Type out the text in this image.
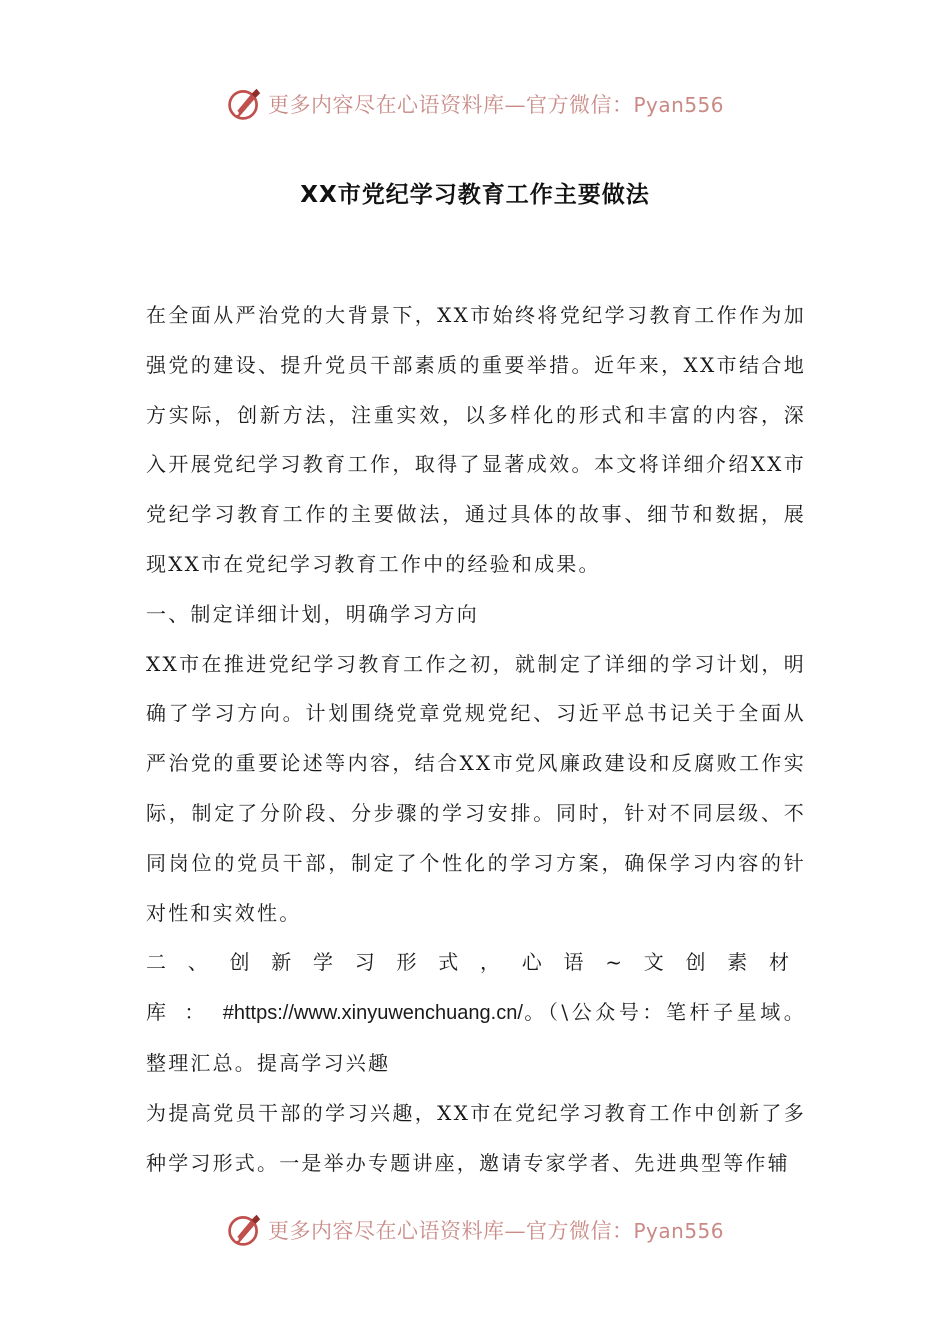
更多内容尽在心语资料库—官方微信：Pyan556
XX市党纪学习教育工作主要做法

在全面从严治党的大背景下，XX市始终将党纪学习教育工作作为加强党的建设、提升党员干部素质的重要举措。近年来，XX市结合地方实际，创新方法，注重实效，以多样化的形式和丰富的内容，深入开展党纪学习教育工作，取得了显著成效。本文将详细介绍XX市党纪学习教育工作的主要做法，通过具体的故事、细节和数据，展现XX市在党纪学习教育工作中的经验和成果。

一、制定详细计划，明确学习方向

XX市在推进党纪学习教育工作之初，就制定了详细的学习计划，明确了学习方向。计划围绕党章党规党纪、习近平总书记关于全面从严治党的重要论述等内容，结合XX市党风廉政建设和反腐败工作实际，制定了分阶段、分步骤的学习安排。同时，针对不同层级、不同岗位的党员干部，制定了个性化的学习方案，确保学习内容的针对性和实效性。

二、创新学习形式，心语~文创素材库：#https://www.xinyuwenchuang.cn/。（\公众号：笔杆子星域。整理汇总。提高学习兴趣

为提高党员干部的学习兴趣，XX市在党纪学习教育工作中创新了多种学习形式。一是举办专题讲座，邀请专家学者、先进典型等作辅

更多内容尽在心语资料库—官方微信：Pyan556
